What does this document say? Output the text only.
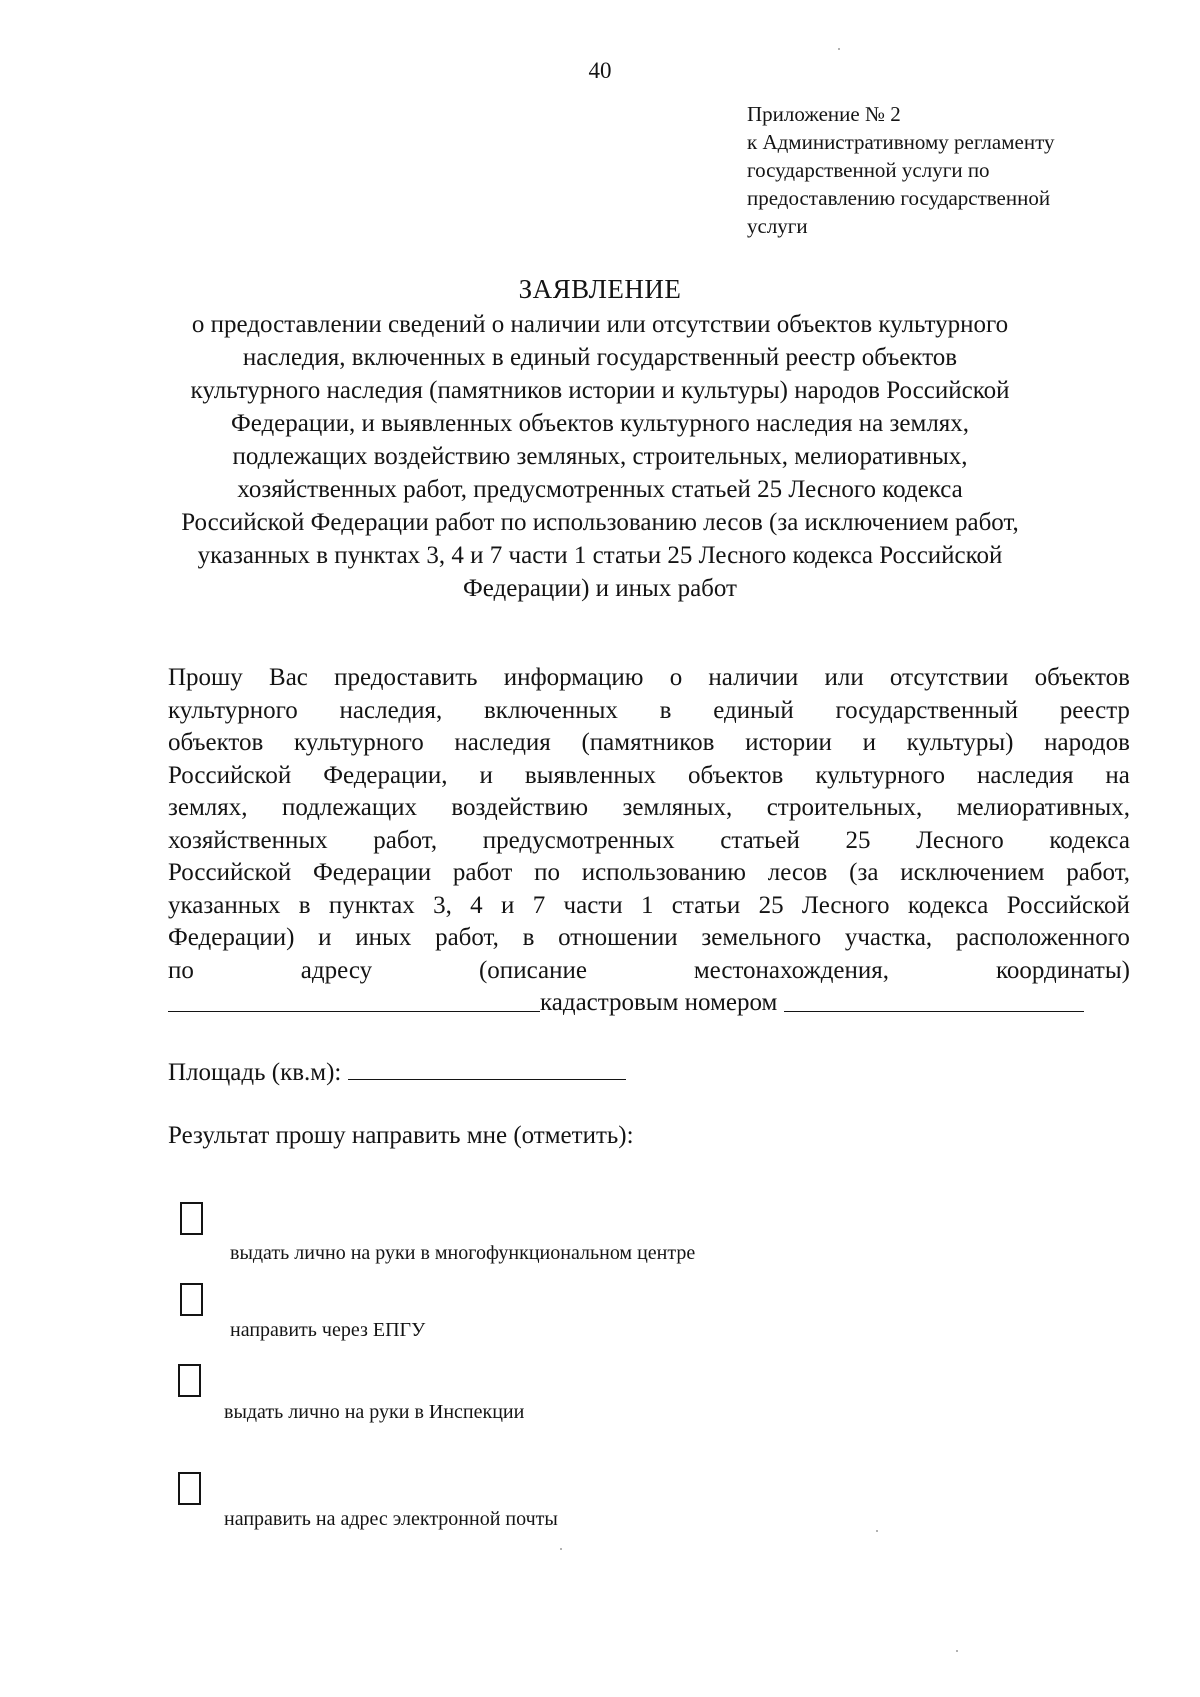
40
Приложение № 2
к Административному регламенту
государственной услуги по
предоставлению государственной
услуги
ЗАЯВЛЕНИЕ
о предоставлении сведений о наличии или отсутствии объектов культурного
наследия, включенных в единый государственный реестр объектов
культурного наследия (памятников истории и культуры) народов Российской
Федерации, и выявленных объектов культурного наследия на землях,
подлежащих воздействию земляных, строительных, мелиоративных,
хозяйственных работ, предусмотренных статьей 25 Лесного кодекса
Российской Федерации работ по использованию лесов (за исключением работ,
указанных в пунктах 3, 4 и 7 части 1 статьи 25 Лесного кодекса Российской
Федерации) и иных работ
Прошу Вас предоставить информацию о наличии или отсутствии объектов
культурного наследия, включенных в единый государственный реестр
объектов культурного наследия (памятников истории и культуры) народов
Российской Федерации, и выявленных объектов культурного наследия на
землях, подлежащих воздействию земляных, строительных, мелиоративных,
хозяйственных работ, предусмотренных статьей 25 Лесного кодекса
Российской Федерации работ по использованию лесов (за исключением работ,
указанных в пунктах 3, 4 и 7 части 1 статьи 25 Лесного кодекса Российской
Федерации) и иных работ, в отношении земельного участка, расположенного
по	адресу	(описание	местонахождения,	координаты)
кадастровым номером

Площадь (кв.м):
Результат прошу направить мне (отметить):
выдать лично на руки в многофункциональном центре
направить через ЕПГУ
выдать лично на руки в Инспекции
направить на адрес электронной почты
